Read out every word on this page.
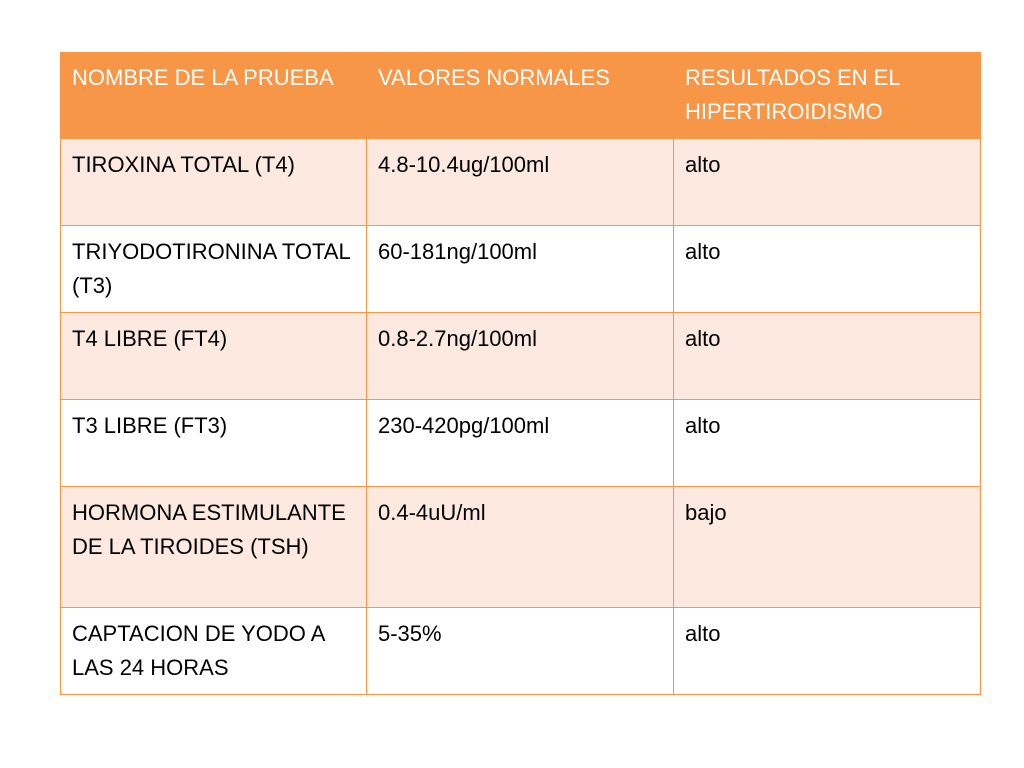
NOMBRE DE LA PRUEBA	VALORES NORMALES	RESULTADOS EN EL HIPERTIROIDISMO
TIROXINA TOTAL (T4)	4.8-10.4ug/100ml	alto
TRIYODOTIRONINA TOTAL (T3)	60-181ng/100ml	alto
T4 LIBRE (FT4)	0.8-2.7ng/100ml	alto
T3 LIBRE (FT3)	230-420pg/100ml	alto
HORMONA ESTIMULANTE DE LA TIROIDES (TSH)	0.4-4uU/ml	bajo
CAPTACION DE YODO A LAS 24 HORAS	5-35%	alto
